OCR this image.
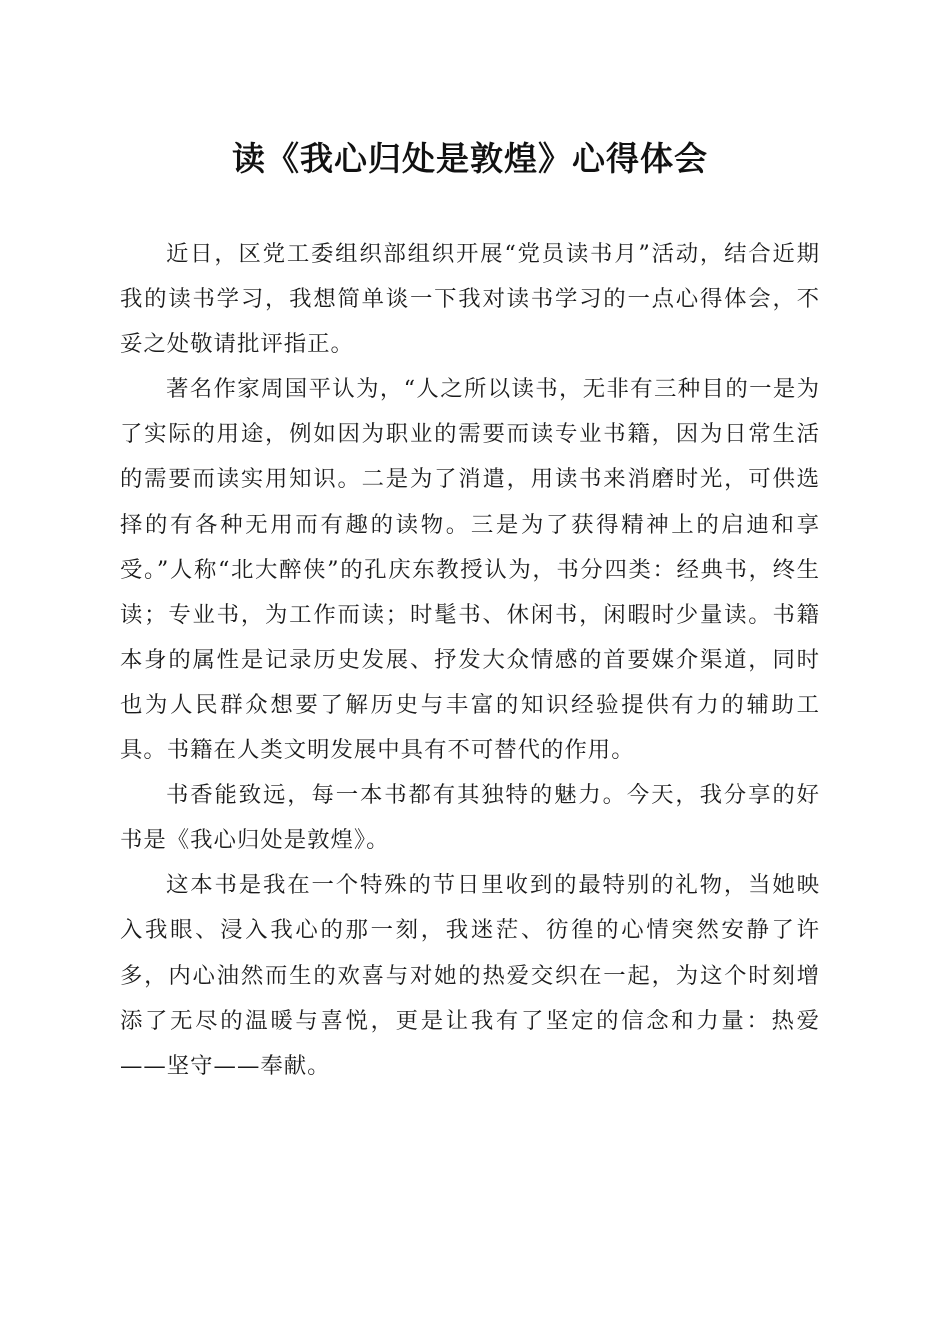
读《我心归处是敦煌》心得体会

近日，区党工委组织部组织开展“党员读书月”活动，结合近期我的读书学习，我想简单谈一下我对读书学习的一点心得体会，不妥之处敬请批评指正。

著名作家周国平认为，“人之所以读书，无非有三种目的一是为了实际的用途，例如因为职业的需要而读专业书籍，因为日常生活的需要而读实用知识。二是为了消遣，用读书来消磨时光，可供选择的有各种无用而有趣的读物。三是为了获得精神上的启迪和享受。”人称“北大醉侠”的孔庆东教授认为，书分四类：经典书，终生读；专业书，为工作而读；时髦书、休闲书，闲暇时少量读。书籍本身的属性是记录历史发展、抒发大众情感的首要媒介渠道，同时也为人民群众想要了解历史与丰富的知识经验提供有力的辅助工具。书籍在人类文明发展中具有不可替代的作用。

书香能致远，每一本书都有其独特的魅力。今天，我分享的好书是《我心归处是敦煌》。

这本书是我在一个特殊的节日里收到的最特别的礼物，当她映入我眼、浸入我心的那一刻，我迷茫、彷徨的心情突然安静了许多，内心油然而生的欢喜与对她的热爱交织在一起，为这个时刻增添了无尽的温暖与喜悦，更是让我有了坚定的信念和力量：热爱——坚守——奉献。
